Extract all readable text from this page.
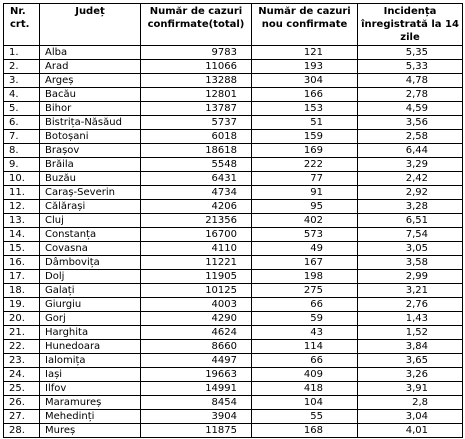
Nr. crt.	Județ	Număr de cazuri confirmate(total)	Număr de cazuri nou confirmate	Incidența înregistrată la 14 zile
1.	Alba	9783	121	5,35
2.	Arad	11066	193	5,33
3.	Argeș	13288	304	4,78
4.	Bacău	12801	166	2,78
5.	Bihor	13787	153	4,59
6.	Bistrița-Năsăud	5737	51	3,56
7.	Botoșani	6018	159	2,58
8.	Brașov	18618	169	6,44
9.	Brăila	5548	222	3,29
10.	Buzău	6431	77	2,42
11.	Caraș-Severin	4734	91	2,92
12.	Călărași	4206	95	3,28
13.	Cluj	21356	402	6,51
14.	Constanța	16700	573	7,54
15.	Covasna	4110	49	3,05
16.	Dâmbovița	11221	167	3,58
17.	Dolj	11905	198	2,99
18.	Galați	10125	275	3,21
19.	Giurgiu	4003	66	2,76
20.	Gorj	4290	59	1,43
21.	Harghita	4624	43	1,52
22.	Hunedoara	8660	114	3,84
23.	Ialomița	4497	66	3,65
24.	Iași	19663	409	3,26
25.	Ilfov	14991	418	3,91
26.	Maramureș	8454	104	2,8
27.	Mehedinți	3904	55	3,04
28.	Mureș	11875	168	4,01
